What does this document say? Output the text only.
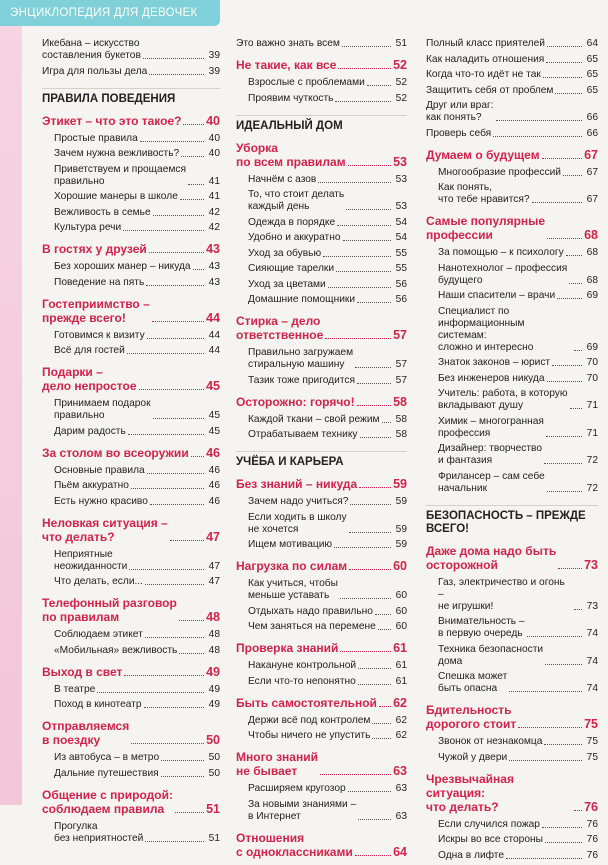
ЭНЦИКЛОПЕДИЯ ДЛЯ ДЕВОЧЕК
Икебана – искусство
составления букетов	39
Игра для пользы дела	39
ПРАВИЛА ПОВЕДЕНИЯ
Этикет – что это такое? 40
Простые правила	40
Зачем нужна вежливость?	40
Приветствуем и прощаемся
правильно	41
Хорошие манеры в школе	41
Вежливость в семье	42
Культура речи	42
В гостях у друзей	43
Без хороших манер – никуда 43
Поведение на пять	43
Гостеприимство –
прежде всего!	44
Готовимся к визиту	44
Всё для гостей	44
Подарки –
дело непростое	45
Принимаем подарок
правильно	45
Дарим радость	45
За столом во всеоружии 46
Основные правила	46
Пьём аккуратно	46
Есть нужно красиво	46
Неловкая ситуация –
что делать?	47
Неприятные
неожиданности	47
Что делать, если...	47
Телефонный разговор
по правилам	48
Соблюдаем этикет	48
«Мобильная» вежливость	48
Выход в свет	49
В театре	49
Поход в кинотеатр	49
Отправляемся
в поездку	50
Из автобуса – в метро	50
Дальние путешествия	50
Общение с природой:
соблюдаем правила	51
Прогулка
без неприятностей	51
Это важно знать всем	51
Не такие, как все	52
Взрослые с проблемами	52
Проявим чуткость	52
ИДЕАЛЬНЫЙ ДОМ
Уборка
по всем правилам	53
Начнём с азов	53
То, что стоит делать
каждый день	53
Одежда в порядке	54
Удобно и аккуратно	54
Уход за обувью	55
Сияющие тарелки	55
Уход за цветами	56
Домашние помощники	56
Стирка – дело
ответственное	57
Правильно загружаем
стиральную машину	57
Тазик тоже пригодится	57
Осторожно: горячо!	58
Каждой ткани – свой режим 58
Отрабатываем технику	58
УЧЁБА И КАРЬЕРА
Без знаний – никуда	59
Зачем надо учиться?	59
Если ходить в школу
не хочется	59
Ищем мотивацию	59
Нагрузка по силам	60
Как учиться, чтобы
меньше уставать	60
Отдыхать надо правильно 60
Чем заняться на перемене 60
Проверка знаний	61
Накануне контрольной	61
Если что-то непонятно	61
Быть самостоятельной 62
Держи всё под контролем 62
Чтобы ничего не упустить 62
Много знаний
не бывает	63
Расширяем кругозор	63
За новыми знаниями –
в Интернет	63
Отношения
с одноклассниками	64
Полный класс приятелей	64
Как наладить отношения	65
Когда что-то идёт не так	65
Защитить себя от проблем	65
Друг или враг:
как понять?	66
Проверь себя	66
Думаем о будущем	67
Многообразие профессий	67
Как понять,
что тебе нравится?	67
Самые популярные
профессии	68
За помощью – к психологу 68
Нанотехнолог – профессия
будущего	68
Наши спасители – врачи	69
Специалист по
информационным системам:
сложно и интересно	69
Знаток законов – юрист	70
Без инженеров никуда	70
Учитель: работа, в которую
вкладывают душу	71
Химик – многогранная
профессия	71
Дизайнер: творчество
и фантазия	72
Фрилансер – сам себе
начальник	72
БЕЗОПАСНОСТЬ – ПРЕЖДЕ
ВСЕГО!
Даже дома надо быть
осторожной	73
Газ, электричество и огонь –
не игрушки!	73
Внимательность –
в первую очередь	74
Техника безопасности
дома	74
Спешка может
быть опасна	74
Бдительность
дорогого стоит	75
Звонок от незнакомца	75
Чужой у двери	75
Чрезвычайная ситуация:
что делать?	76
Если случился пожар	76
Искры во все стороны	76
Одна в лифте	76
